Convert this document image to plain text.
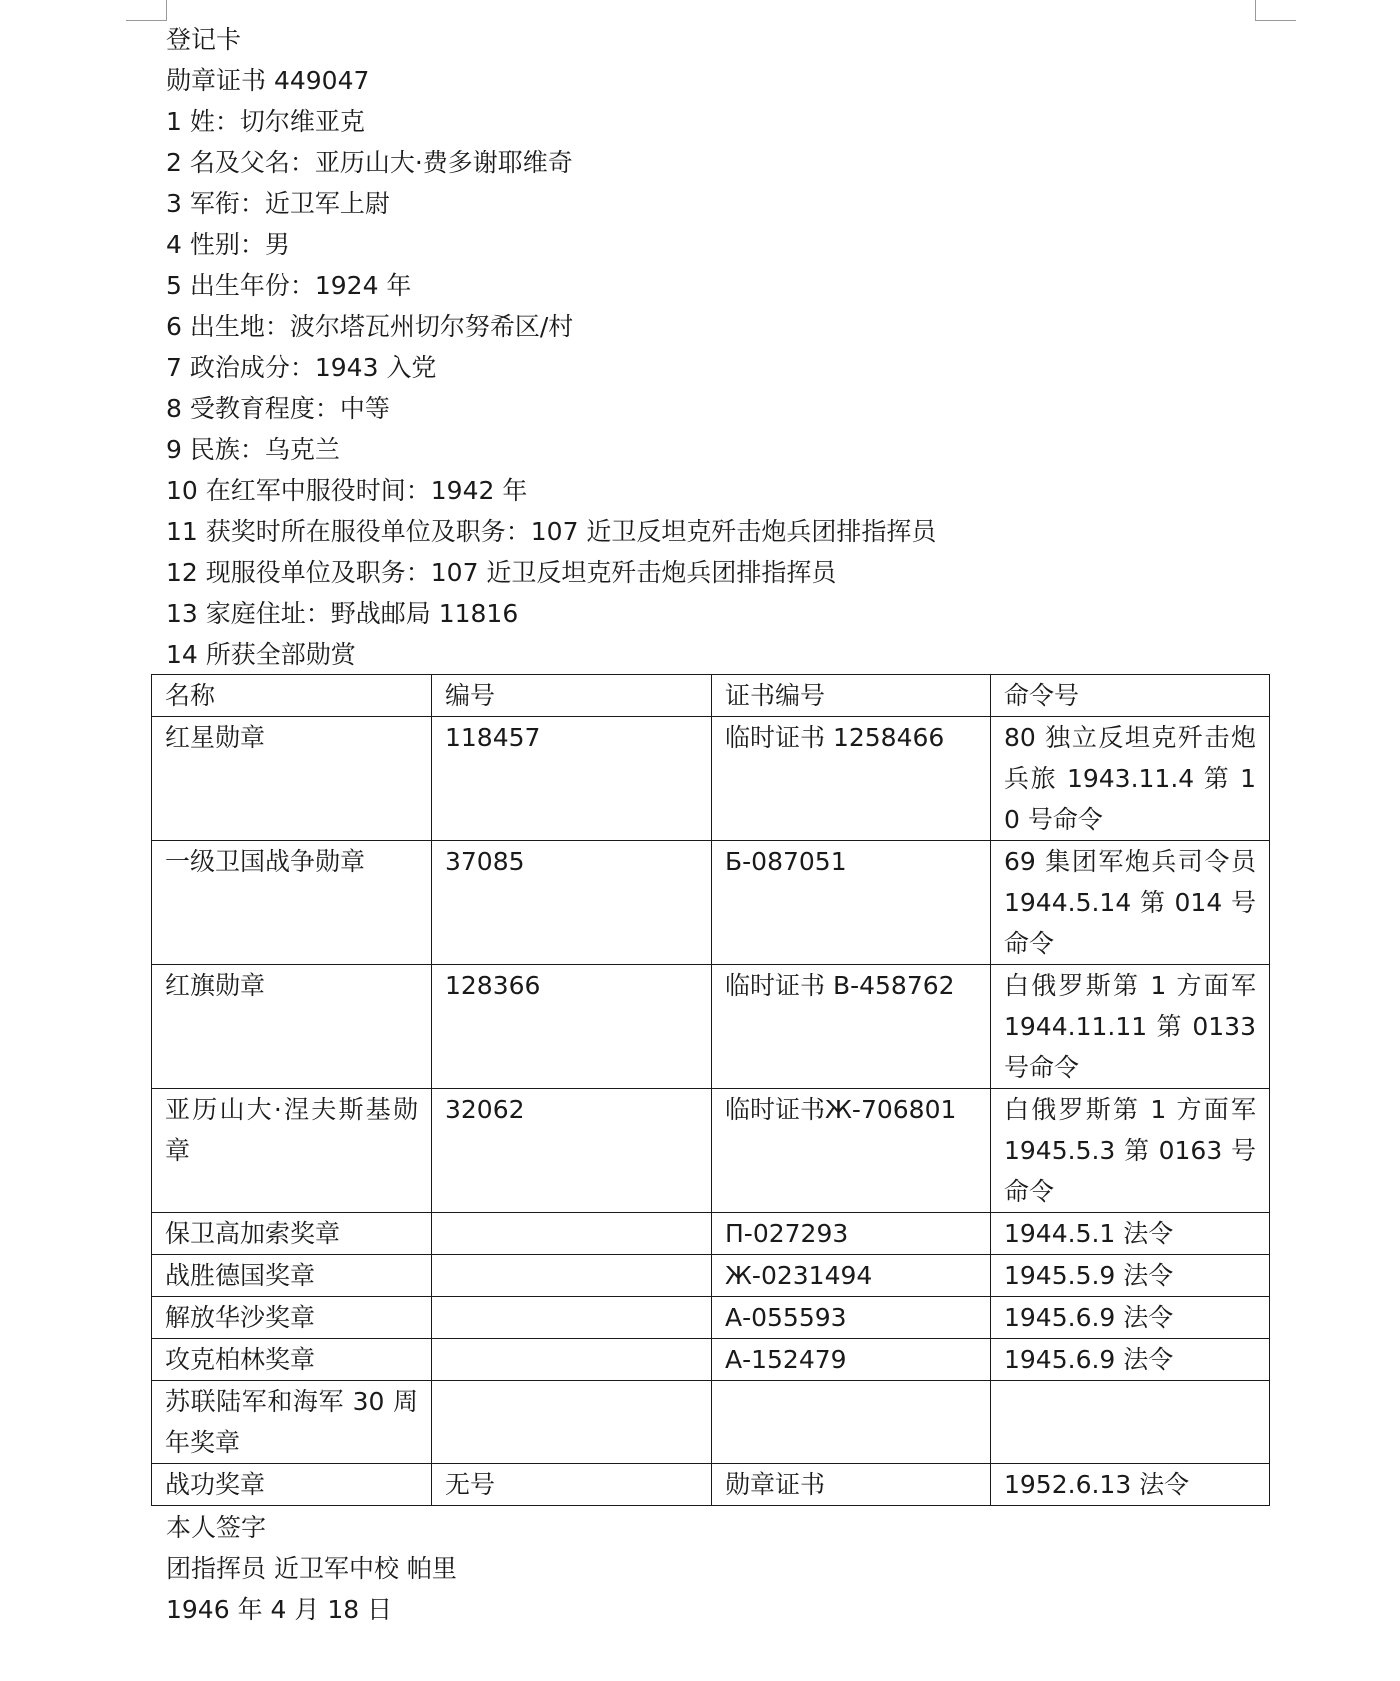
登记卡
勋章证书 449047
1 姓：切尔维亚克
2 名及父名：亚历山大·费多谢耶维奇
3 军衔：近卫军上尉
4 性别：男
5 出生年份：1924 年
6 出生地：波尔塔瓦州切尔努希区/村
7 政治成分：1943 入党
8 受教育程度：中等
9 民族：乌克兰
10 在红军中服役时间：1942 年
11 获奖时所在服役单位及职务：107 近卫反坦克歼击炮兵团排指挥员
12 现服役单位及职务：107 近卫反坦克歼击炮兵团排指挥员
13 家庭住址：野战邮局 11816
14 所获全部勋赏
名称	编号	证书编号	命令号
红星勋章	118457	临时证书 1258466	80 独立反坦克歼击炮兵旅 1943.11.4 第 10 号命令
一级卫国战争勋章	37085	Б-087051	69 集团军炮兵司令员 1944.5.14 第 014 号命令
红旗勋章	128366	临时证书 В-458762	白俄罗斯第 1 方面军 1944.11.11 第 0133 号命令
亚历山大·涅夫斯基勋章	32062	临时证书Ж-706801	白俄罗斯第 1 方面军 1945.5.3 第 0163 号命令
保卫高加索奖章		П-027293	1944.5.1 法令
战胜德国奖章		Ж-0231494	1945.5.9 法令
解放华沙奖章		А-055593	1945.6.9 法令
攻克柏林奖章		А-152479	1945.6.9 法令
苏联陆军和海军 30 周年奖章			
战功奖章	无号	勋章证书	1952.6.13 法令
本人签字
团指挥员 近卫军中校 帕里
1946 年 4 月 18 日
